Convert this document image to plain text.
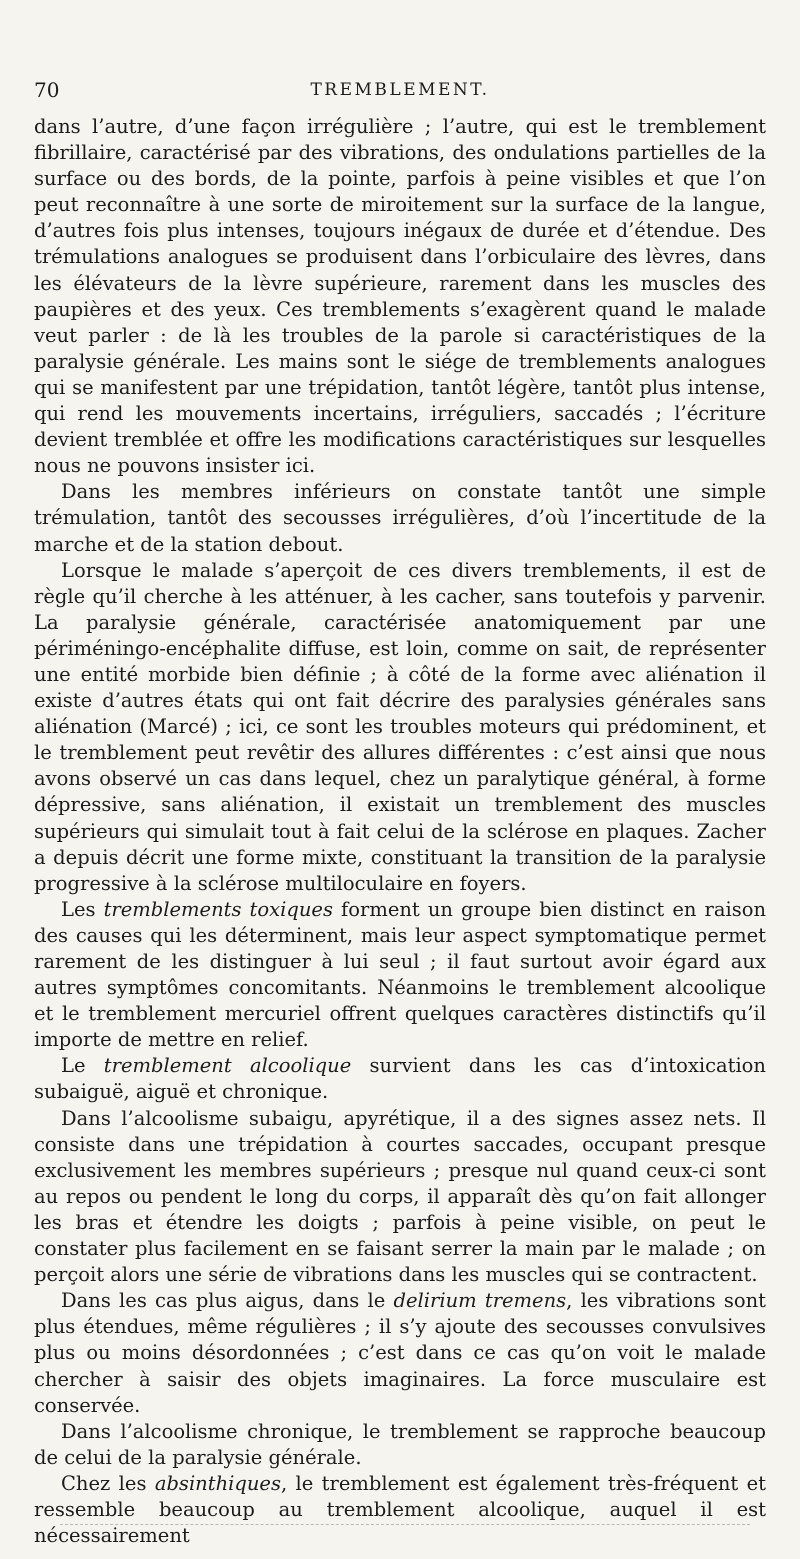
70	TREMBLEMENT.

dans l’autre, d’une façon irrégulière ; l’autre, qui est le tremblement fibrillaire, caractérisé par des vibrations, des ondulations partielles de la surface ou des bords, de la pointe, parfois à peine visibles et que l’on peut reconnaître à une sorte de miroitement sur la surface de la langue, d’autres fois plus intenses, toujours inégaux de durée et d’étendue. Des trémulations analogues se produisent dans l’orbiculaire des lèvres, dans les élévateurs de la lèvre supérieure, rarement dans les muscles des paupières et des yeux. Ces tremblements s’exagèrent quand le malade veut parler : de là les troubles de la parole si caractéristiques de la paralysie générale. Les mains sont le siége de tremblements analogues qui se manifestent par une trépidation, tantôt légère, tantôt plus intense, qui rend les mouvements incertains, irréguliers, saccadés ; l’écriture devient tremblée et offre les modifications caractéristiques sur lesquelles nous ne pouvons insister ici.

Dans les membres inférieurs on constate tantôt une simple trémulation, tantôt des secousses irrégulières, d’où l’incertitude de la marche et de la station debout.

Lorsque le malade s’aperçoit de ces divers tremblements, il est de règle qu’il cherche à les atténuer, à les cacher, sans toutefois y parvenir. La paralysie générale, caractérisée anatomiquement par une périméningo-encéphalite diffuse, est loin, comme on sait, de représenter une entité morbide bien définie ; à côté de la forme avec aliénation il existe d’autres états qui ont fait décrire des paralysies générales sans aliénation (Marcé) ; ici, ce sont les troubles moteurs qui prédominent, et le tremblement peut revêtir des allures différentes : c’est ainsi que nous avons observé un cas dans lequel, chez un paralytique général, à forme dépressive, sans aliénation, il existait un tremblement des muscles supérieurs qui simulait tout à fait celui de la sclérose en plaques. Zacher a depuis décrit une forme mixte, constituant la transition de la paralysie progressive à la sclérose multiloculaire en foyers.

Les tremblements toxiques forment un groupe bien distinct en raison des causes qui les déterminent, mais leur aspect symptomatique permet rarement de les distinguer à lui seul ; il faut surtout avoir égard aux autres symptômes concomitants. Néanmoins le tremblement alcoolique et le tremblement mercuriel offrent quelques caractères distinctifs qu’il importe de mettre en relief.

Le tremblement alcoolique survient dans les cas d’intoxication subaiguë, aiguë et chronique.

Dans l’alcoolisme subaigu, apyrétique, il a des signes assez nets. Il consiste dans une trépidation à courtes saccades, occupant presque exclusivement les membres supérieurs ; presque nul quand ceux-ci sont au repos ou pendent le long du corps, il apparaît dès qu’on fait allonger les bras et étendre les doigts ; parfois à peine visible, on peut le constater plus facilement en se faisant serrer la main par le malade ; on perçoit alors une série de vibrations dans les muscles qui se contractent.

Dans les cas plus aigus, dans le delirium tremens, les vibrations sont plus étendues, même régulières ; il s’y ajoute des secousses convulsives plus ou moins désordonnées ; c’est dans ce cas qu’on voit le malade chercher à saisir des objets imaginaires. La force musculaire est conservée.

Dans l’alcoolisme chronique, le tremblement se rapproche beaucoup de celui de la paralysie générale.

Chez les absinthiques, le tremblement est également très-fréquent et ressemble beaucoup au tremblement alcoolique, auquel il est nécessairement
